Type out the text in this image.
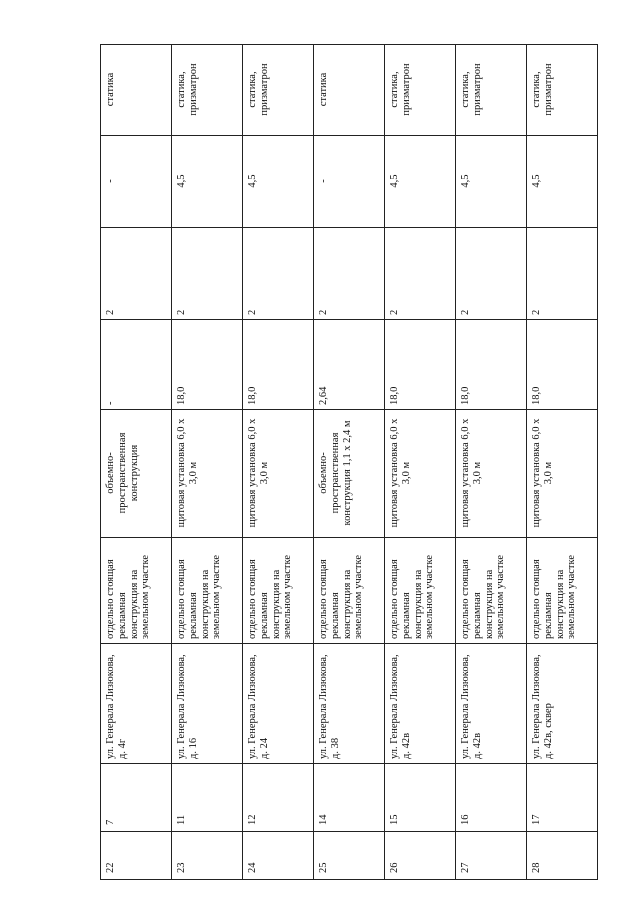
22	7	ул. Генерала Лизюкова, д. 4г	отдельно стоящая рекламная конструкция на земельном участке	объемно-пространственная конструкция	-	2	-	статика
23	11	ул. Генерала Лизюкова, д. 16	отдельно стоящая рекламная конструкция на земельном участке	щитовая установка 6,0 х 3,0 м	18,0	2	4,5	статика, призматрон
24	12	ул. Генерала Лизюкова, д. 24	отдельно стоящая рекламная конструкция на земельном участке	щитовая установка 6,0 х 3,0 м	18,0	2	4,5	статика, призматрон
25	14	ул. Генерала Лизюкова, д. 38	отдельно стоящая рекламная конструкция на земельном участке	объемно-пространственная конструкция 1,1 х 2,4 м	2,64	2	-	статика
26	15	ул. Генерала Лизюкова, д. 42в	отдельно стоящая рекламная конструкция на земельном участке	щитовая установка 6,0 х 3,0 м	18,0	2	4,5	статика, призматрон
27	16	ул. Генерала Лизюкова, д. 42в	отдельно стоящая рекламная конструкция на земельном участке	щитовая установка 6,0 х 3,0 м	18,0	2	4,5	статика, призматрон
28	17	ул. Генерала Лизюкова, д. 42в, сквер	отдельно стоящая рекламная конструкция на земельном участке	щитовая установка 6,0 х 3,0 м	18,0	2	4,5	статика, призматрон
